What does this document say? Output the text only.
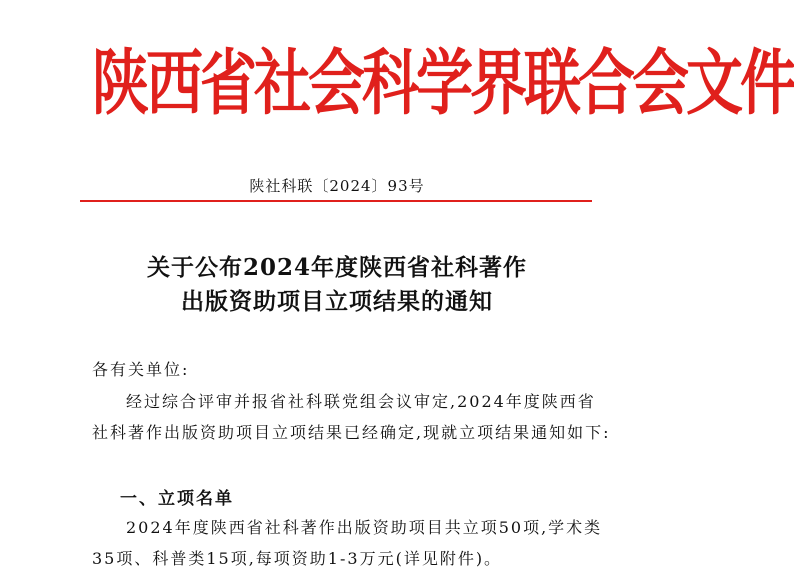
陕西省社会科学界联合会文件
陕社科联〔2024〕93号
关于公布2024年度陕西省社科著作
出版资助项目立项结果的通知
各有关单位:
经过综合评审并报省社科联党组会议审定,2024年度陕西省社科著作出版资助项目立项结果已经确定,现就立项结果通知如下:
一、立项名单
2024年度陕西省社科著作出版资助项目共立项50项,学术类35项、科普类15项,每项资助1-3万元(详见附件)。
